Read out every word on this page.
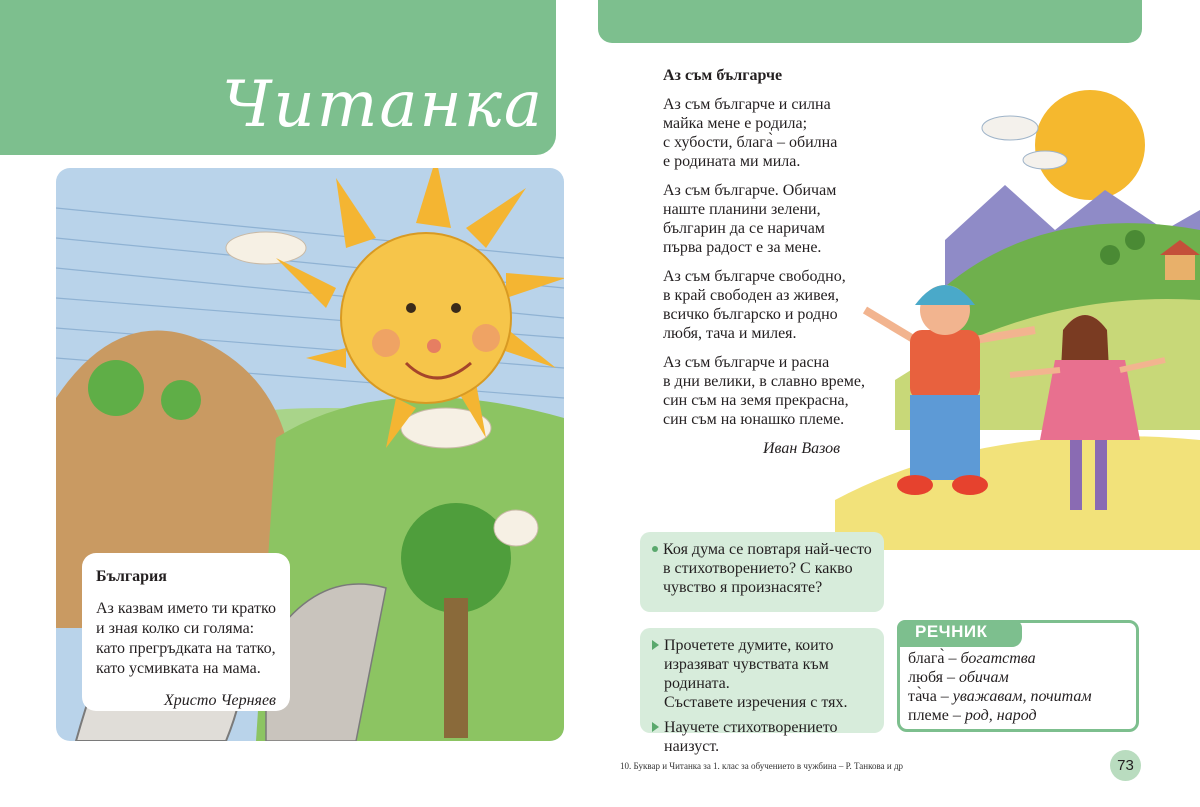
Читанка
България
Аз казвам името ти кратко
и зная колко си голяма:
като прегръдката на татко,
като усмивката на мама.
Христо Черняев
Аз съм българче
Аз съм българче и силна
майка мене е родила;
с хубости, блага̀ – обилна
е родината ми мила.
Аз съм българче. Обичам
наште планини зелени,
българин да се наричам
първа радост е за мене.
Аз съм българче свободно,
в край свободен аз живея,
всичко българско и родно
любя, тача и милея.
Аз съм българче и расна
в дни велики, в славно време,
син съм на земя прекрасна,
син съм на юнашко племе.
Иван Вазов
Коя дума се повтаря най-често
в стихотворението? С какво
чувство я произнасяте?
Прочетете думите, които
изразяват чувствата към родината.
Съставете изречения с тях.
Научете стихотворението наизуст.
РЕЧНИК
блага̀ – богатства
любя – обичам
та̀ча – уважавам, почитам
племе – род, народ
10. Буквар и Читанка за 1. клас за обучението в чужбина – Р. Танкова и др	73
